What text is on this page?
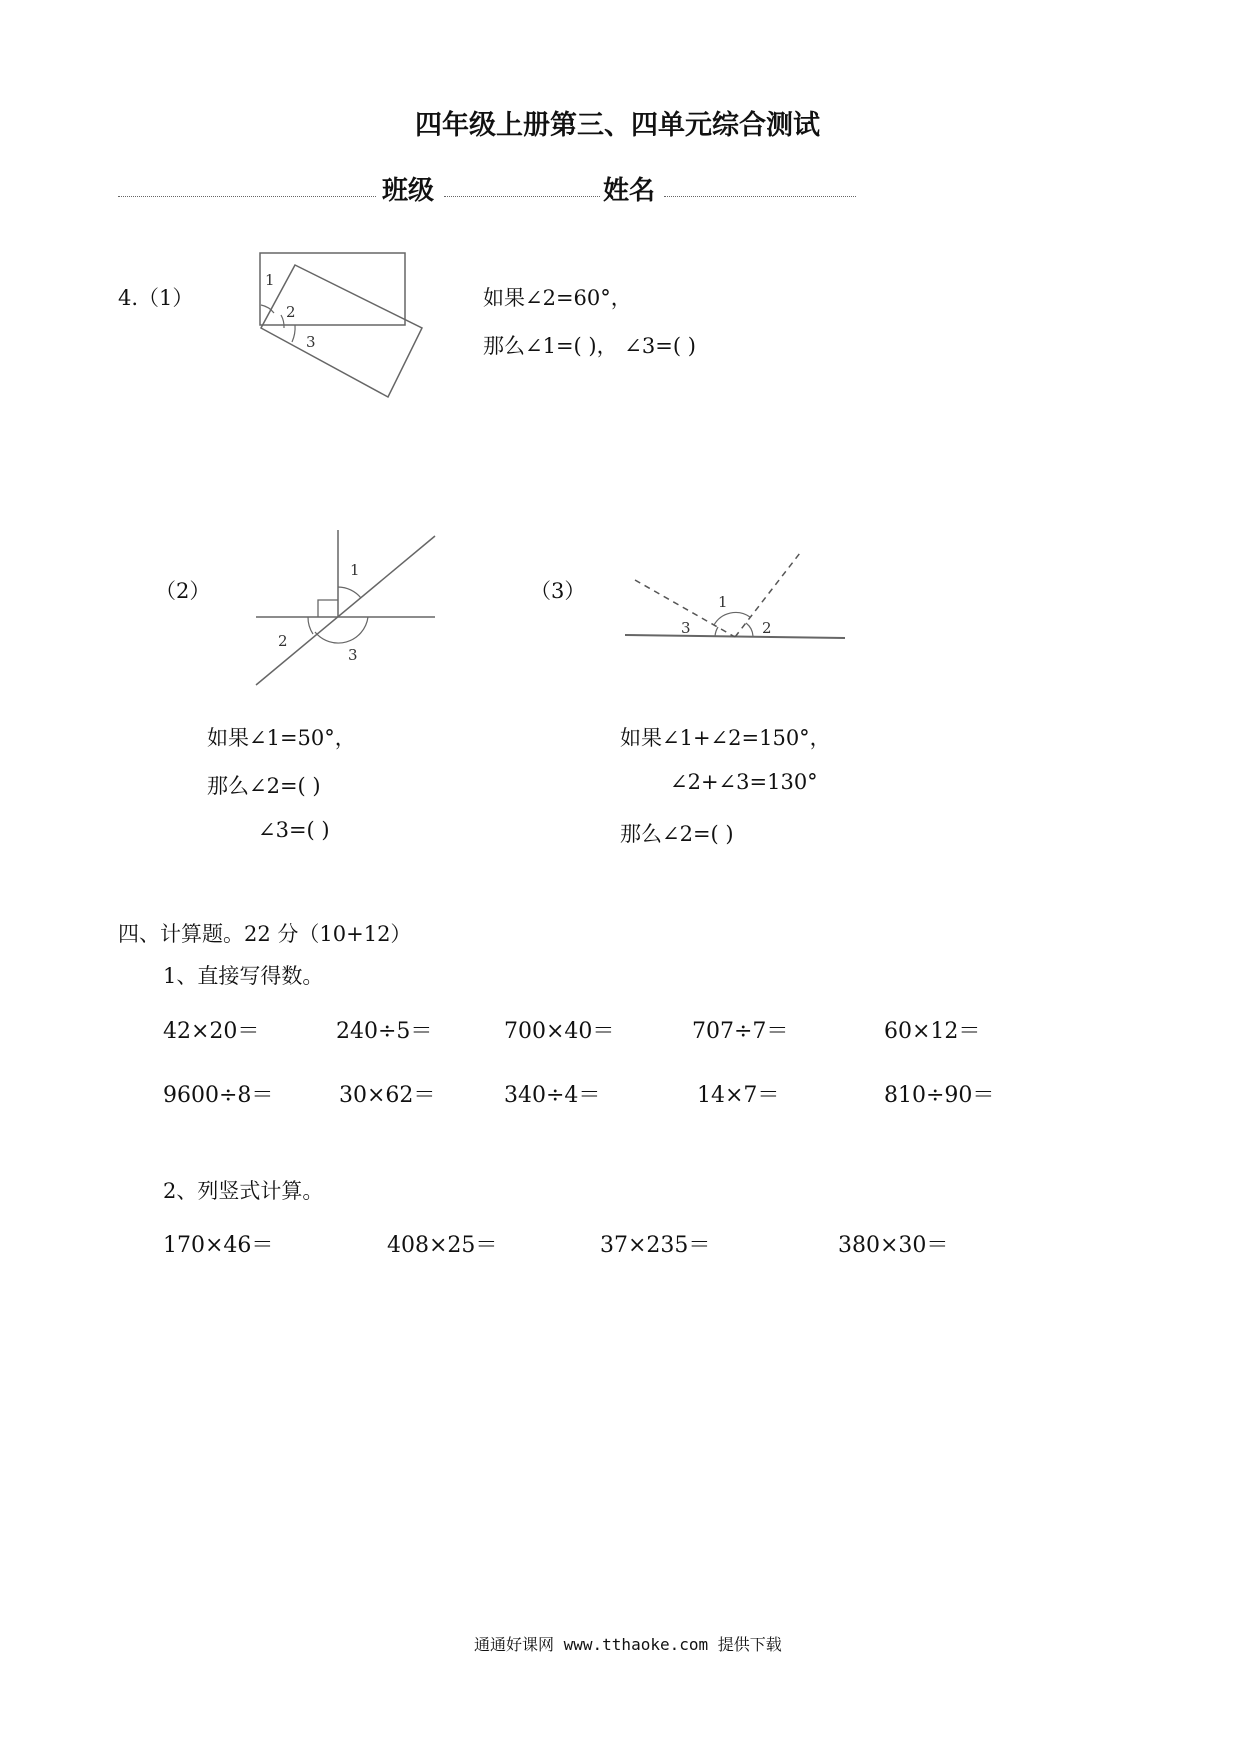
四年级上册第三、四单元综合测试
班级	姓名
4.（1）
1
2
3
如果∠2=60°，
那么∠1=( )， ∠3=( )
（2）
1
2
3
如果∠1=50°，
那么∠2=( )
∠3=( )
（3）	1
2
3
如果∠1+∠2=150°，
∠2+∠3=130°
那么∠2=( )
四、计算题。22 分（10+12）
1、直接写得数。
42×20＝	240÷5＝	700×40＝	707÷7＝	60×12＝
9600÷8＝	30×62＝	340÷4＝	14×7＝	810÷90＝
2、列竖式计算。
170×46＝	408×25＝	37×235＝	380×30＝
通通好课网 www.tthaoke.com 提供下载
